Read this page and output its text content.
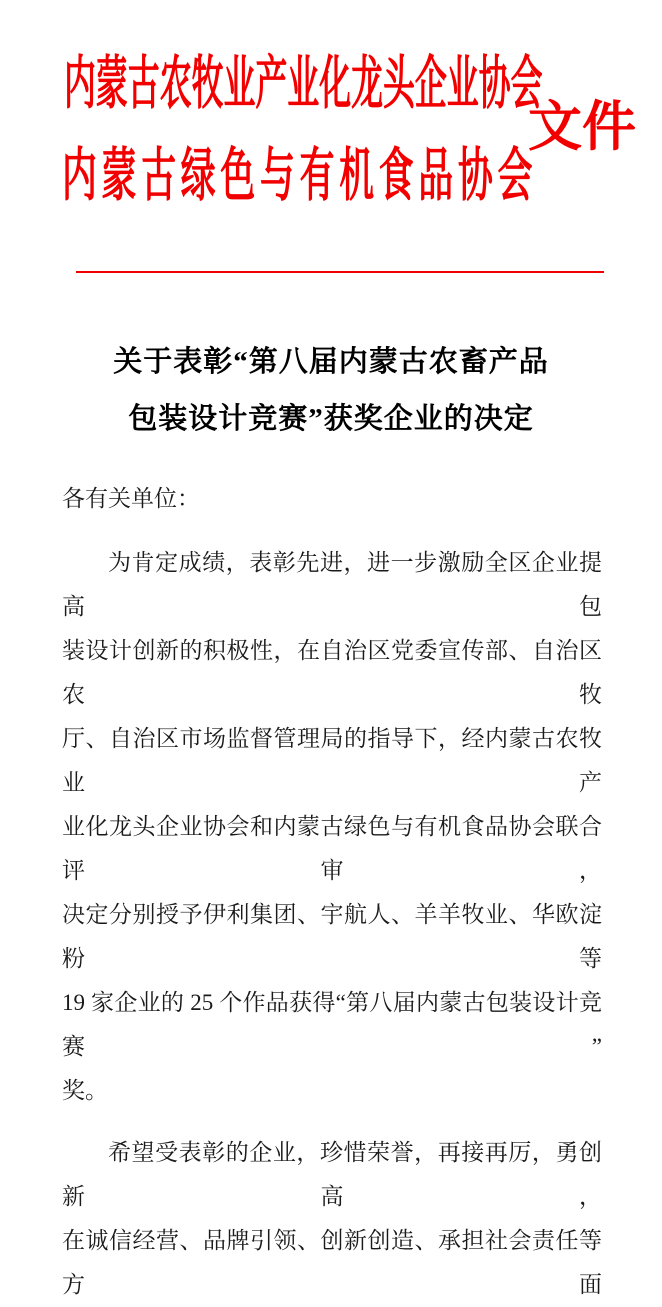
内蒙古农牧业产业化龙头企业协会
内蒙古绿色与有机食品协会
文件
关于表彰“第八届内蒙古农畜产品
包装设计竞赛”获奖企业的决定
各有关单位：
为肯定成绩，表彰先进，进一步激励全区企业提高包
装设计创新的积极性，在自治区党委宣传部、自治区农牧
厅、自治区市场监督管理局的指导下，经内蒙古农牧业产
业化龙头企业协会和内蒙古绿色与有机食品协会联合评审，
决定分别授予伊利集团、宇航人、羊羊牧业、华欧淀粉等
19 家企业的 25 个作品获得“第八届内蒙古包装设计竞赛”
奖。
希望受表彰的企业，珍惜荣誉，再接再厉，勇创新高，
在诚信经营、品牌引领、创新创造、承担社会责任等方面
